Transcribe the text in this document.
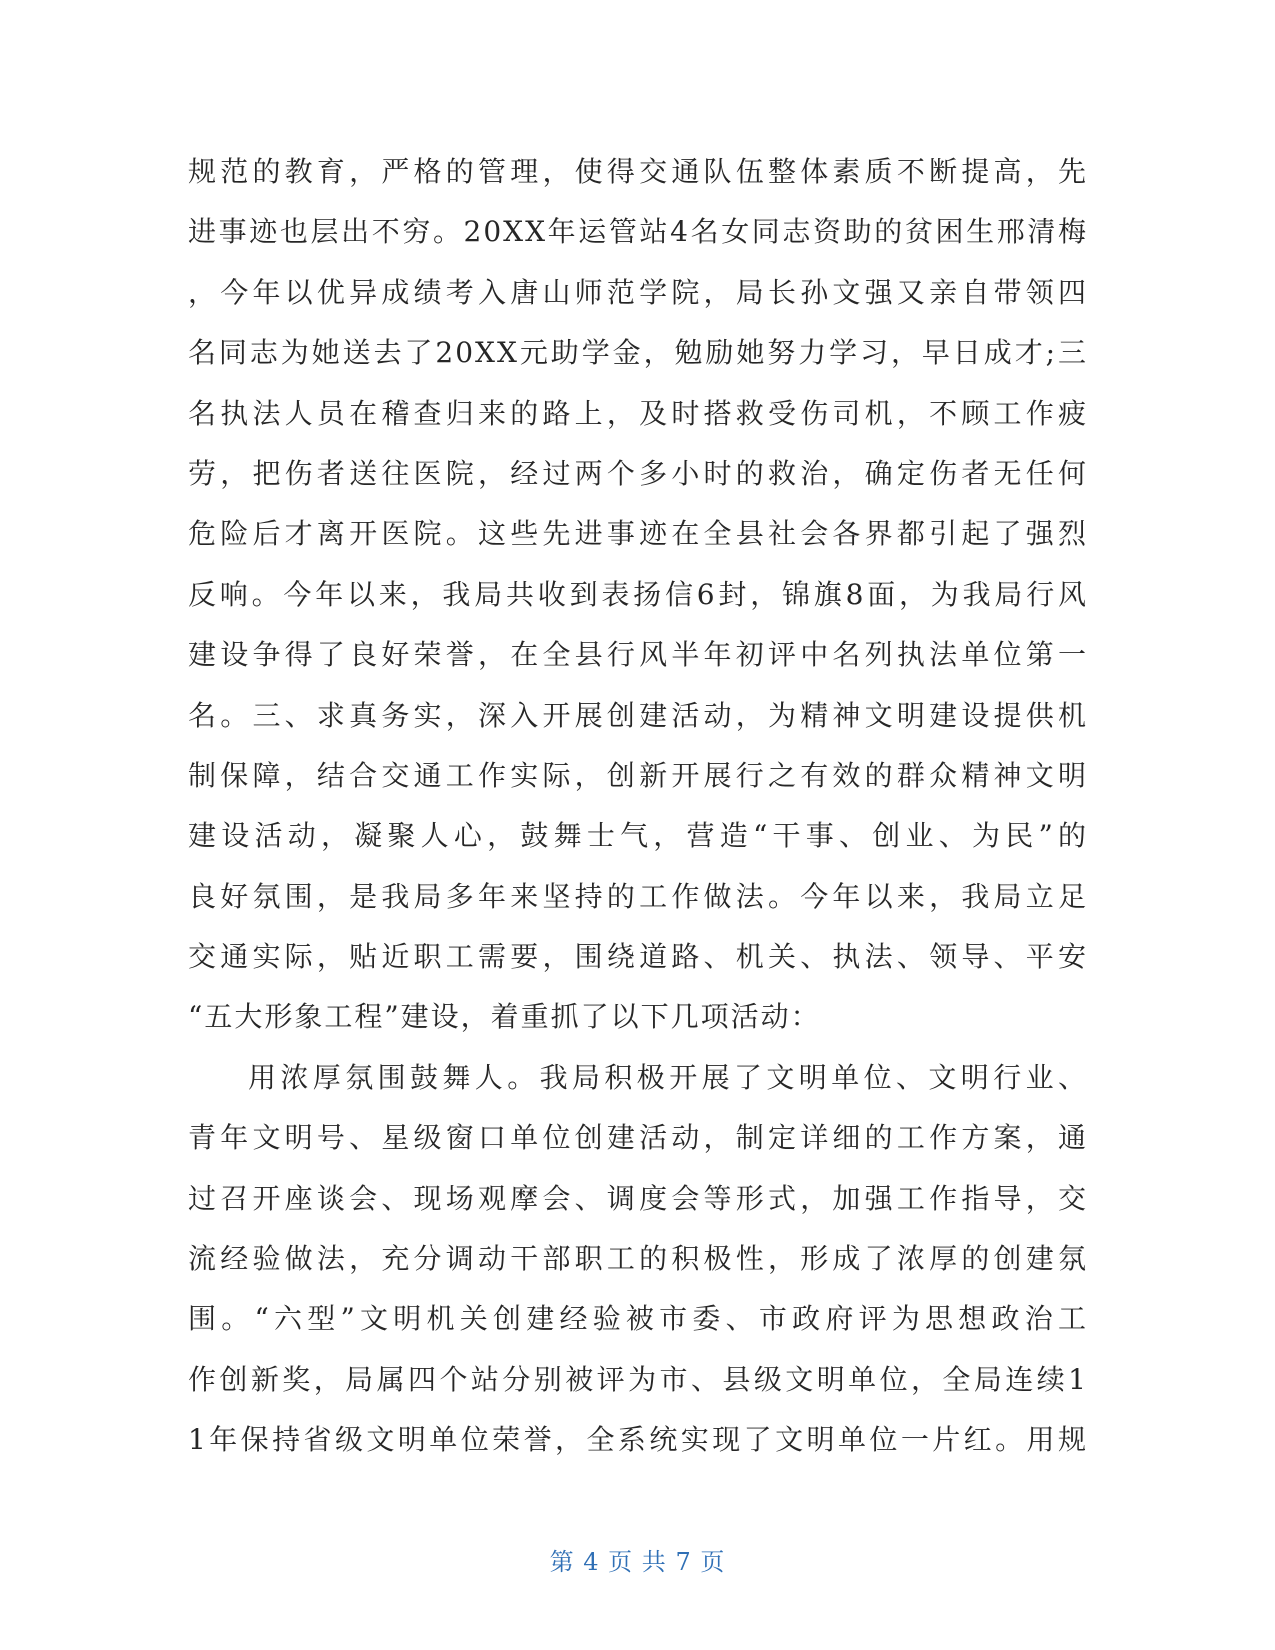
规范的教育，严格的管理，使得交通队伍整体素质不断提高，先
进事迹也层出不穷。20XX年运管站4名女同志资助的贫困生邢清梅
，今年以优异成绩考入唐山师范学院，局长孙文强又亲自带领四
名同志为她送去了20XX元助学金，勉励她努力学习，早日成才;三
名执法人员在稽查归来的路上，及时搭救受伤司机，不顾工作疲
劳，把伤者送往医院，经过两个多小时的救治，确定伤者无任何
危险后才离开医院。这些先进事迹在全县社会各界都引起了强烈
反响。今年以来，我局共收到表扬信6封，锦旗8面，为我局行风
建设争得了良好荣誉，在全县行风半年初评中名列执法单位第一
名。三、求真务实，深入开展创建活动，为精神文明建设提供机
制保障，结合交通工作实际，创新开展行之有效的群众精神文明
建设活动，凝聚人心，鼓舞士气，营造“干事、创业、为民”的
良好氛围，是我局多年来坚持的工作做法。今年以来，我局立足
交通实际，贴近职工需要，围绕道路、机关、执法、领导、平安
“五大形象工程”建设，着重抓了以下几项活动：
用浓厚氛围鼓舞人。我局积极开展了文明单位、文明行业、
青年文明号、星级窗口单位创建活动，制定详细的工作方案，通
过召开座谈会、现场观摩会、调度会等形式，加强工作指导，交
流经验做法，充分调动干部职工的积极性，形成了浓厚的创建氛
围。“六型”文明机关创建经验被市委、市政府评为思想政治工
作创新奖，局属四个站分别被评为市、县级文明单位，全局连续1
1年保持省级文明单位荣誉，全系统实现了文明单位一片红。用规
第 4 页 共 7 页
